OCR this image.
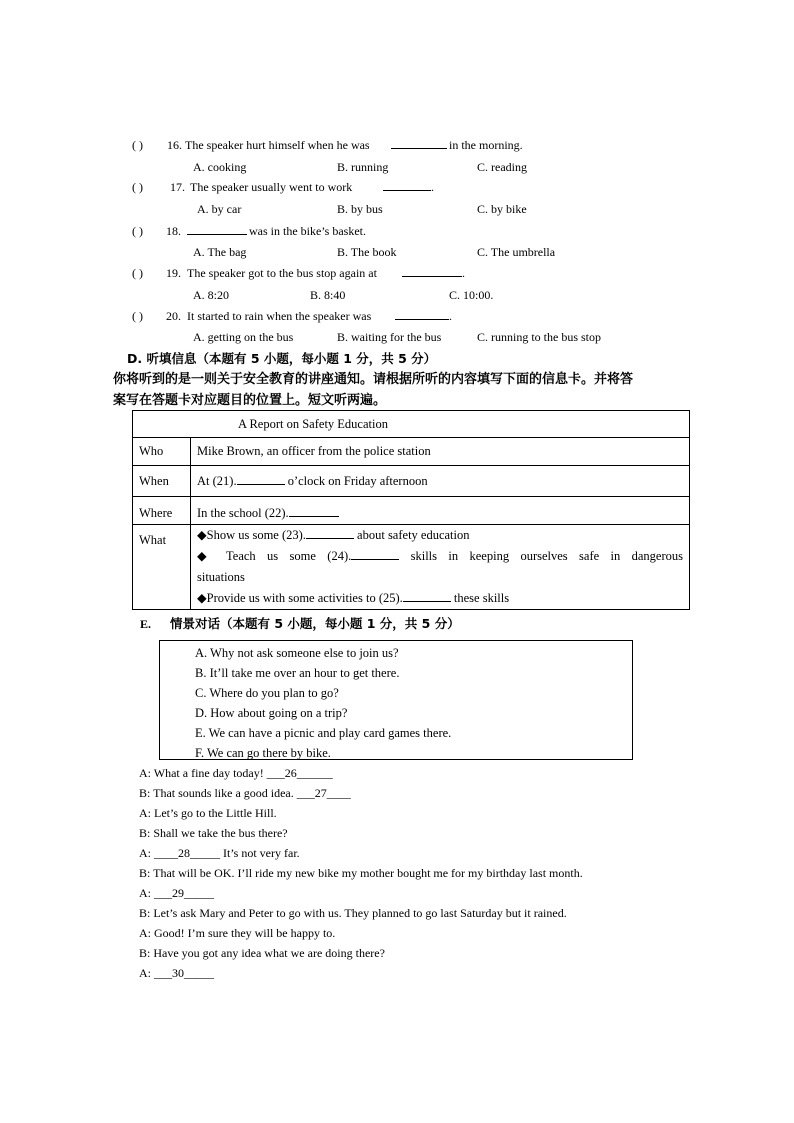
( ) 16. The speaker hurt himself when he was	in the morning.
A. cooking	B. running	C. reading
( ) 17. The speaker usually went to work	.
A. by car	B. by bus	C. by bike
( ) 18.	was in the bike’s basket.
A. The bag	B. The book	C. The umbrella
( ) 19. The speaker got to the bus stop again at	.
A. 8:20	B. 8:40	C. 10:00.
( ) 20. It started to rain when the speaker was	.
A. getting on the bus	B. waiting for the bus	C. running to the bus stop
D. 听填信息（本题有 5 小题，每小题 1 分，共 5 分）
你将听到的是一则关于安全教育的讲座通知。请根据所听的内容填写下面的信息卡。并将答
案写在答题卡对应题目的位置上。短文听两遍。
A Report on Safety Education	
Who	Mike Brown, an officer from the police station
When	At (21). o’clock on Friday afternoon
Where	In the school (22).
What	◆Show us some (23). about safety education
◆ Teach us some (24). skills in keeping ourselves safe in dangerous
situations
◆Provide us with some activities to (25). these skills
E. 情景对话（本题有 5 小题，每小题 1 分，共 5 分）
A. Why not ask someone else to join us?
B. It’ll take me over an hour to get there.
C. Where do you plan to go?
D. How about going on a trip?
E. We can have a picnic and play card games there.
F. We can go there by bike.
A: What a fine day today! ___26______
B: That sounds like a good idea. ___27____
A: Let’s go to the Little Hill.
B: Shall we take the bus there?
A: ____28_____ It’s not very far.
B: That will be OK. I’ll ride my new bike my mother bought me for my birthday last month.
A: ___29_____
B: Let’s ask Mary and Peter to go with us. They planned to go last Saturday but it rained.
A: Good! I’m sure they will be happy to.
B: Have you got any idea what we are doing there?
A: ___30_____
